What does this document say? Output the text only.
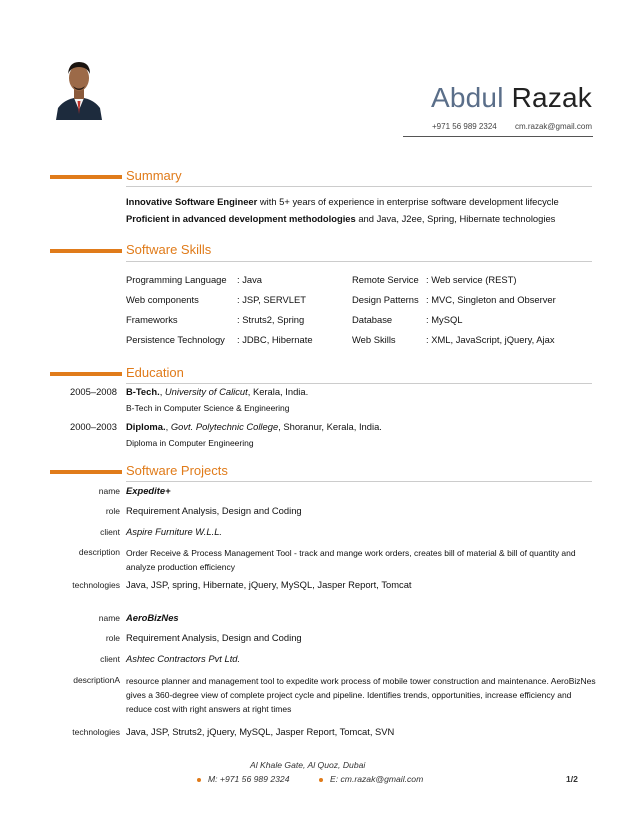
Abdul Razak
+971 56 989 2324 cm.razak@gmail.com
Summary
Innovative Software Engineer with 5+ years of experience in enterprise software development lifecycle
Proficient in advanced development methodologies and Java, J2ee, Spring, Hibernate technologies
Software Skills
Programming Language : Java	Remote Service : Web service (REST)
Web components	: JSP, SERVLET	Design Patterns : MVC, Singleton and Observer
Frameworks	: Struts2, Spring	Database	: MySQL
Persistence Technology : JDBC, Hibernate	Web Skills	: XML, JavaScript, jQuery, Ajax
Education
2005–2008 B-Tech., University of Calicut, Kerala, India.
B-Tech in Computer Science & Engineering
2000–2003 Diploma., Govt. Polytechnic College, Shoranur, Kerala, India.
Diploma in Computer Engineering
Software Projects
name Expedite+
role Requirement Analysis, Design and Coding
client Aspire Furniture W.L.L.
description Order Receive & Process Management Tool - track and mange work orders, creates bill of material & bill of quantity and analyze production efficiency
technologies Java, JSP, spring, Hibernate, jQuery, MySQL, Jasper Report, Tomcat
name AeroBizNes
role Requirement Analysis, Design and Coding
client Ashtec Contractors Pvt Ltd.
descriptionA resource planner and management tool to expedite work process of mobile tower construction and maintenance. AeroBizNes gives a 360-degree view of complete project cycle and pipeline. Identifies trends, opportunities, increase efficiency and reduce cost with right answers at right times
technologies Java, JSP, Struts2, jQuery, MySQL, Jasper Report, Tomcat, SVN
Al Khale Gate, Al Quoz, Dubai
M: +971 56 989 2324	E: cm.razak@gmail.com	1/2
